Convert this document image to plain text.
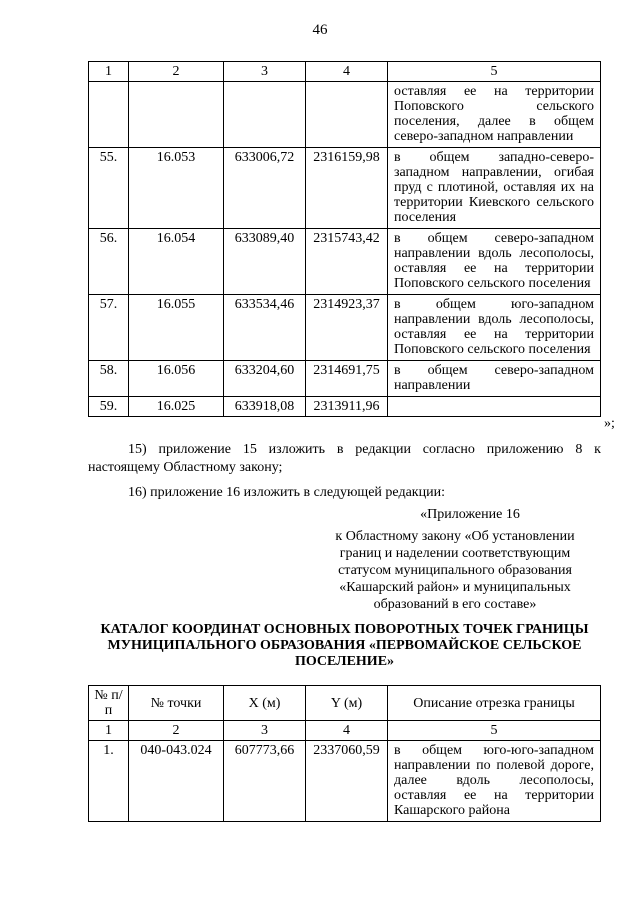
46
1	2	3	4	5
				оставляя ее на территории Поповского сельского поселения, далее в общем северо-западном направлении
55.	16.053	633006,72	2316159,98	в общем западно-северо-западном направлении, огибая пруд с плотиной, оставляя их на территории Киевского сельского поселения
56.	16.054	633089,40	2315743,42	в общем северо-западном направлении вдоль лесополосы, оставляя ее на территории Поповского сельского поселения
57.	16.055	633534,46	2314923,37	в общем юго-западном направлении вдоль лесополосы, оставляя ее на территории Поповского сельского поселения
58.	16.056	633204,60	2314691,75	в общем северо-западном направлении
59.	16.025	633918,08	2313911,96	
»;
15) приложение 15 изложить в редакции согласно приложению 8 к настоящему Областному закону;
16) приложение 16 изложить в следующей редакции:
«Приложение 16
к Областному закону «Об установлении границ и наделении соответствующим статусом муниципального образования «Кашарский район» и муниципальных образований в его составе»
КАТАЛОГ КООРДИНАТ ОСНОВНЫХ ПОВОРОТНЫХ ТОЧЕК ГРАНИЦЫ МУНИЦИПАЛЬНОГО ОБРАЗОВАНИЯ «ПЕРВОМАЙСКОЕ СЕЛЬСКОЕ ПОСЕЛЕНИЕ»
№ п/п	№ точки	X (м)	Y (м)	Описание отрезка границы
1	2	3	4	5
1.	040-043.024	607773,66	2337060,59	в общем юго-юго-западном направлении по полевой дороге, далее вдоль лесополосы, оставляя ее на территории Кашарского района
